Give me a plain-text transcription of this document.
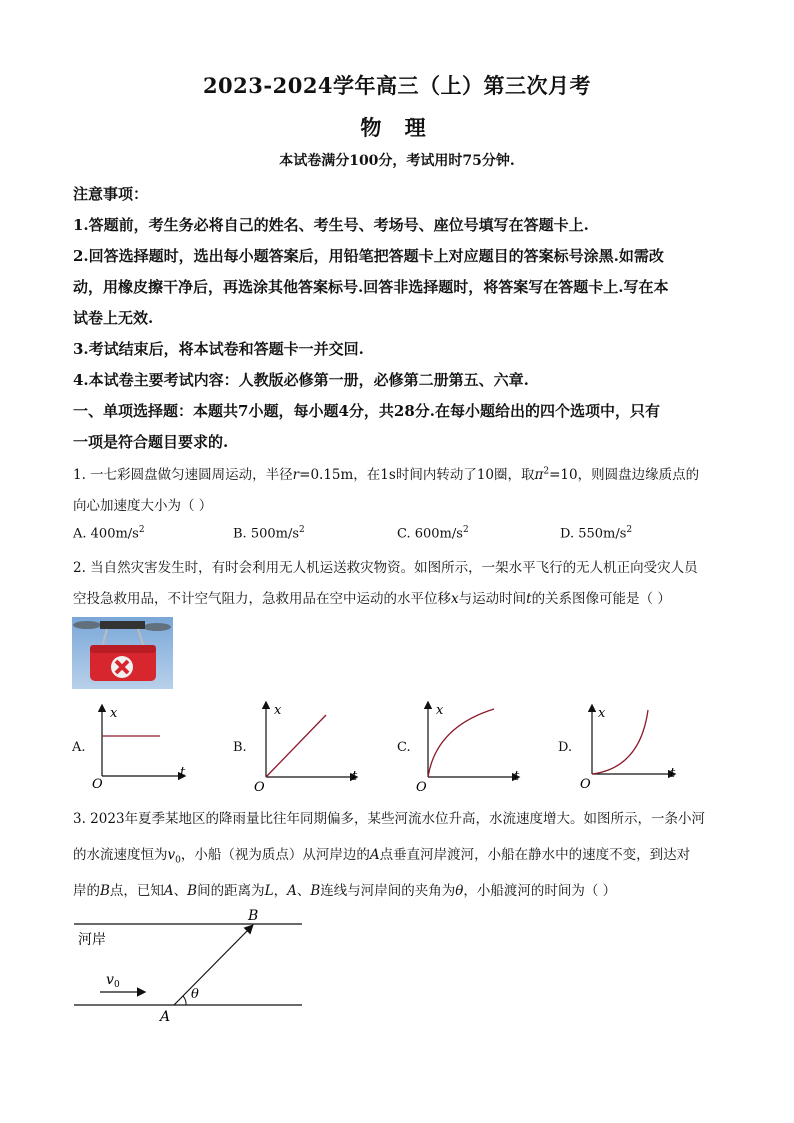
2023-2024学年高三（上）第三次月考
物 理
本试卷满分100分，考试用时75分钟.
注意事项：
1.答题前，考生务必将自己的姓名、考生号、考场号、座位号填写在答题卡上.
2.回答选择题时，选出每小题答案后，用铅笔把答题卡上对应题目的答案标号涂黑.如需改
动，用橡皮擦干净后，再选涂其他答案标号.回答非选择题时，将答案写在答题卡上.写在本
试卷上无效.
3.考试结束后，将本试卷和答题卡一并交回.
4.本试卷主要考试内容：人教版必修第一册，必修第二册第五、六章.
一、单项选择题：本题共7小题，每小题4分，共28分.在每小题给出的四个选项中，只有
一项是符合题目要求的.
1. 一七彩圆盘做匀速圆周运动，半径r=0.15m，在1s时间内转动了10圈，取$\pi^2=10$，则圆盘边缘质点的
向心加速度大小为（ ）
A. $400m/s^2$	B. $500m/s^2$	C. $600m/s^2$	D. $550m/s^2$
2. 当自然灾害发生时，有时会利用无人机运送救灾物资。如图所示，一架水平飞行的无人机正向受灾人员
空投急救用品，不计空气阻力，急救用品在空中运动的水平位移x与运动时间t的关系图像可能是（ ）
A.
x
t
O
B.
x
t
O
C.
x
t
O
D.
x
t
O
3. 2023年夏季某地区的降雨量比往年同期偏多，某些河流水位升高，水流速度增大。如图所示，一条小河
的水流速度恒为$v_0$，小船（视为质点）从河岸边的A点垂直河岸渡河，小船在静水中的速度不变，到达对
岸的B点，已知A、B间的距离为L，A、B连线与河岸间的夹角为θ，小船渡河的时间为（ ）
河岸
B
A
θ
v 0
